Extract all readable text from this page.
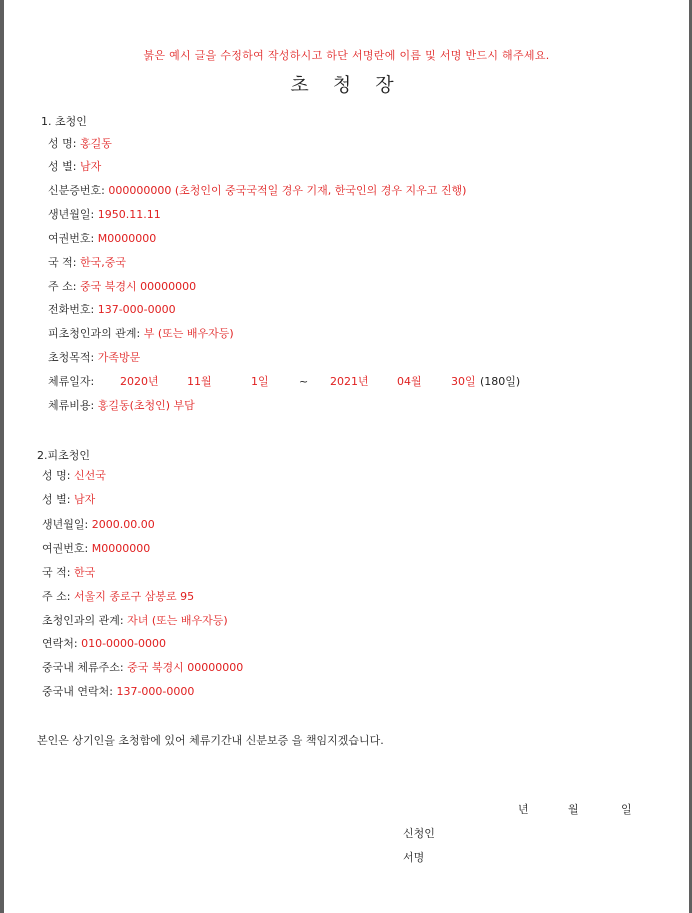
붉은 예시 글을 수정하여 작성하시고 하단 서명란에 이름 및 서명 반드시 해주세요.
초 청 장
1. 초청인
성 명: 홍길동
성 별: 남자
신분증번호: 000000000 (초청인이 중국국적일 경우 기재, 한국인의 경우 지우고 진행)
생년월일: 1950.11.11
여권번호: M0000000
국 적: 한국,중국
주 소: 중국 북경시 00000000
전화번호: 137-000-0000
피초청인과의 관계: 부 (또는 배우자등)
초청목적: 가족방문
체류일자: 2020년	11월	1일	~ 2021년	04월	30일 (180일)
체류비용: 홍길동(초청인) 부담
2.피초청인
성 명: 신선국
성 별: 남자
생년월일: 2000.00.00
여권번호: M0000000
국 적: 한국
주 소: 서울지 종로구 삼봉로 95
초청인과의 관계: 자녀 (또는 배우자등)
연락처: 010-0000-0000
중국내 체류주소: 중국 북경시 00000000
중국내 연락처: 137-000-0000
본인은 상기인을 초청함에 있어 체류기간내 신분보증 을 책임지겠습니다.
년	월	일
신청인
서명
